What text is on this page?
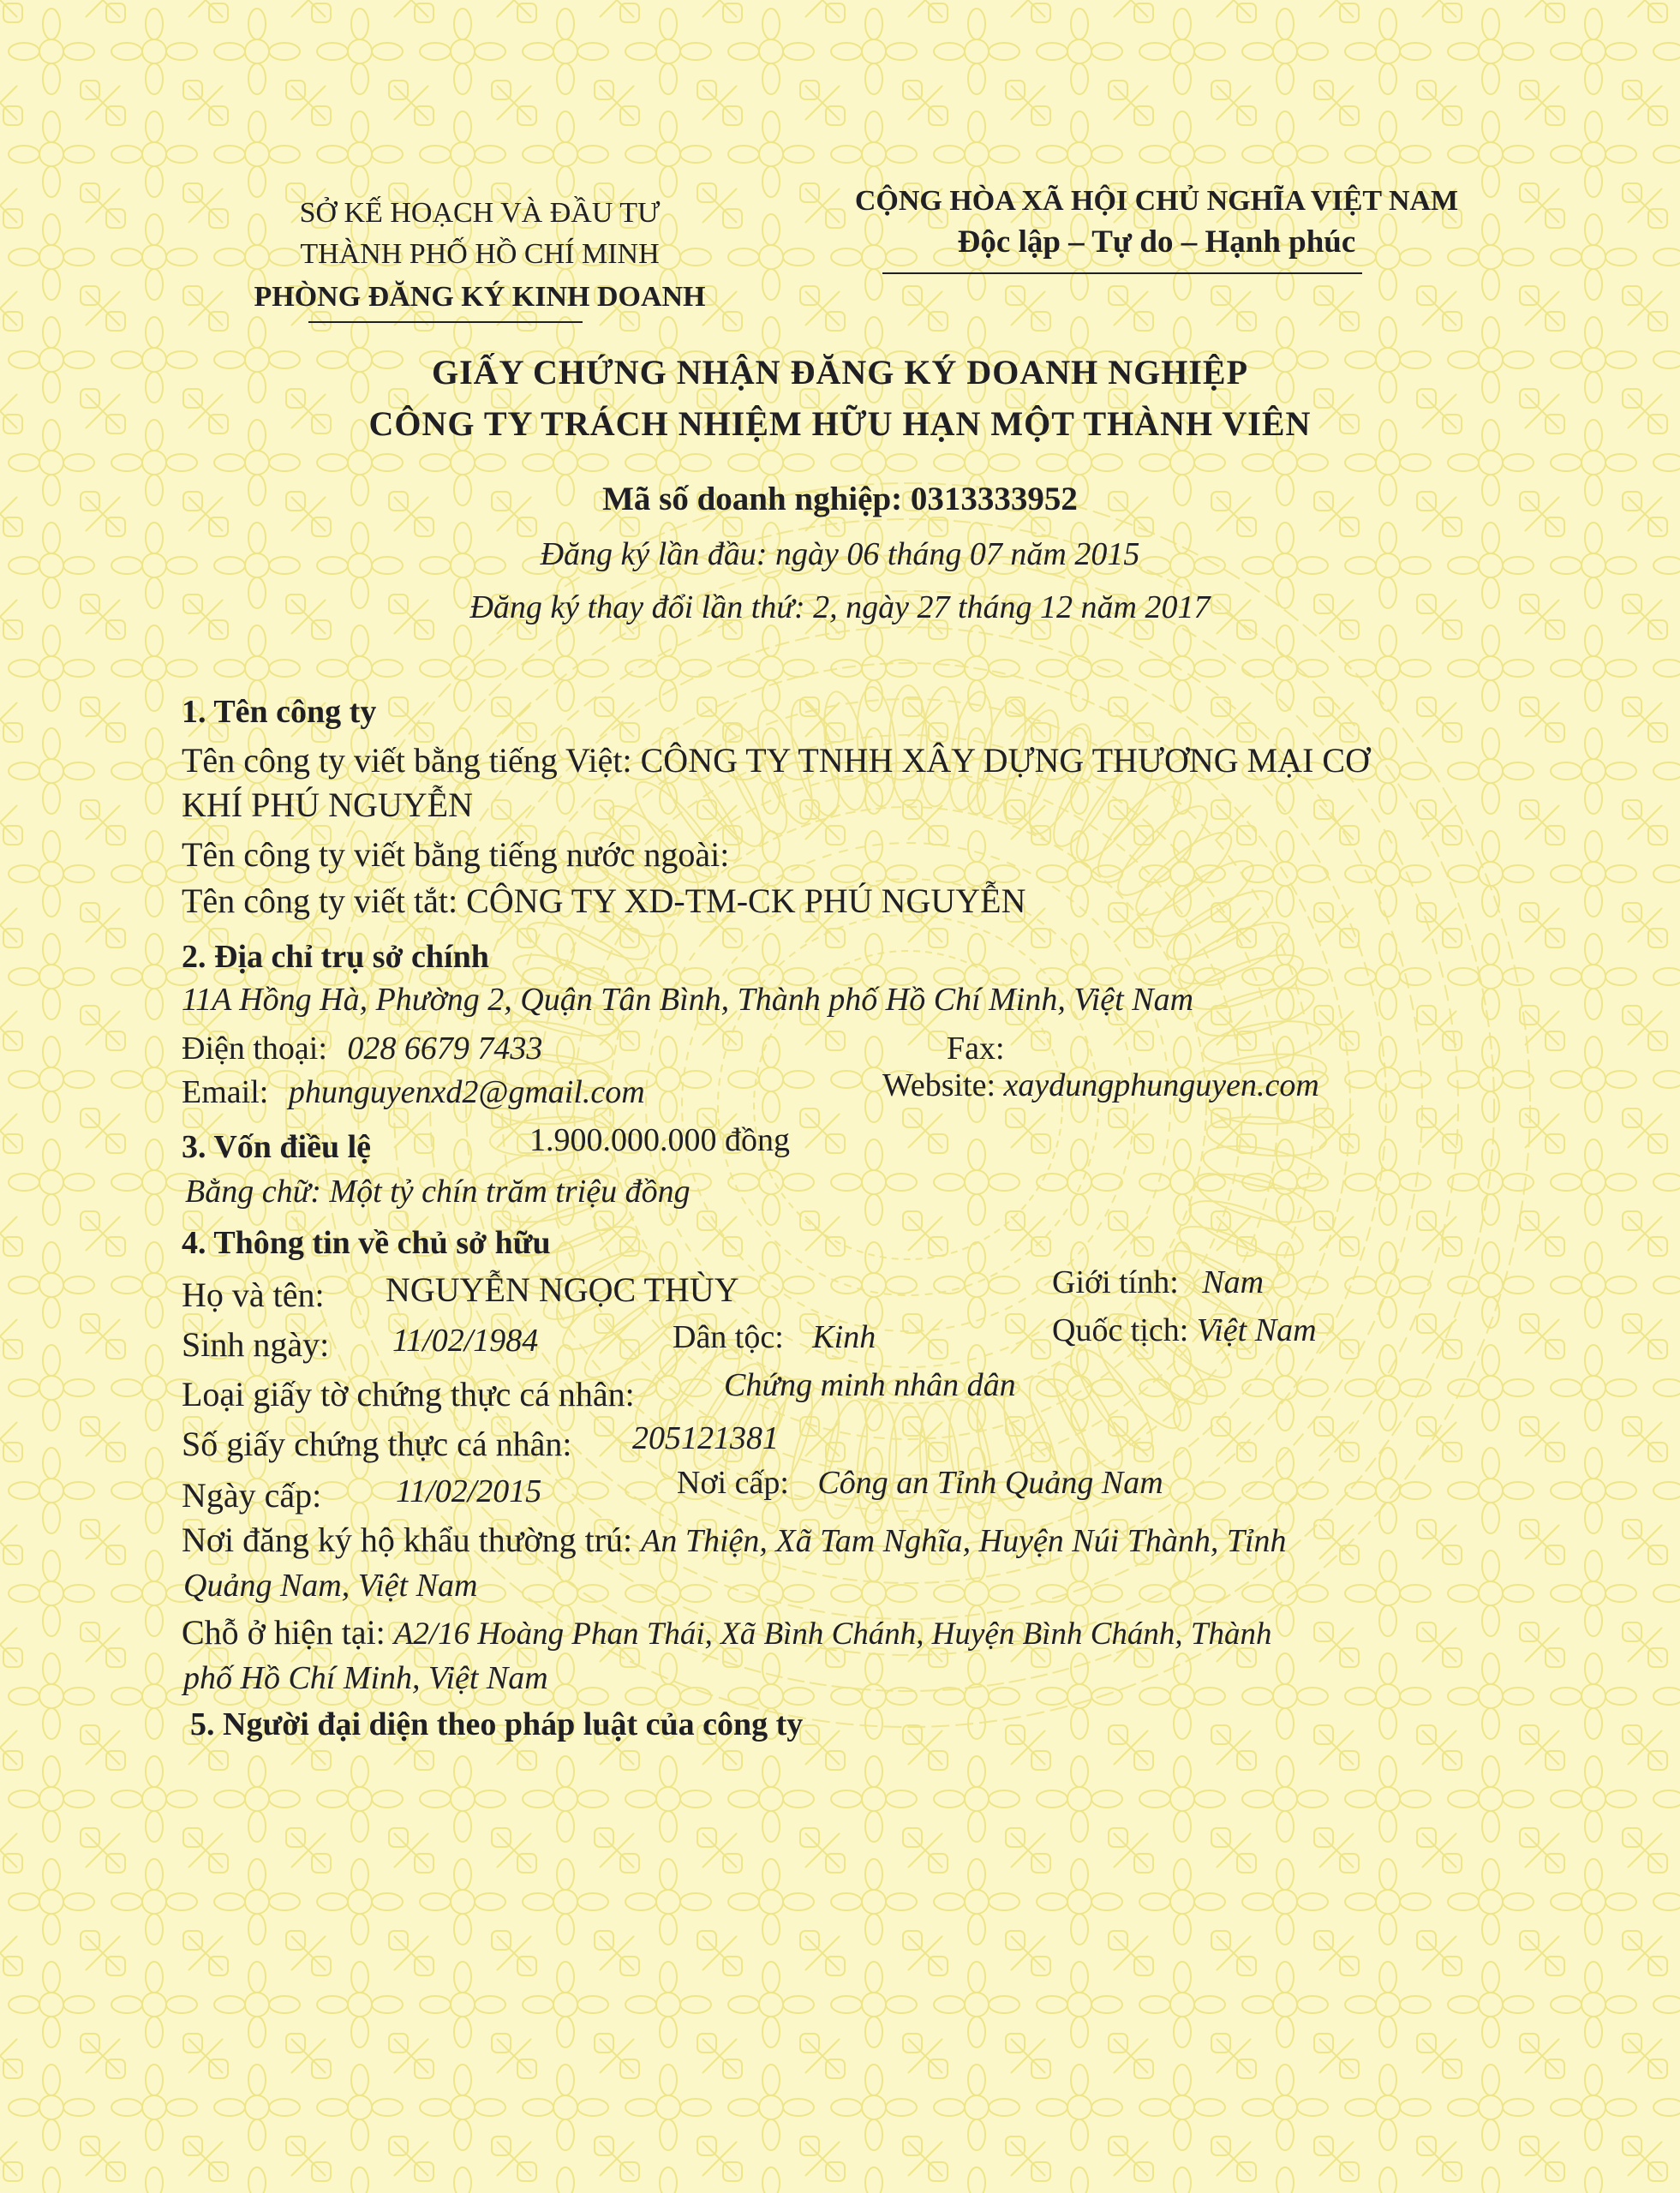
SỞ KẾ HOẠCH VÀ ĐẦU TƯ
THÀNH PHỐ HỒ CHÍ MINH
PHÒNG ĐĂNG KÝ KINH DOANH
CỘNG HÒA XÃ HỘI CHỦ NGHĨA VIỆT NAM
Độc lập – Tự do – Hạnh phúc
GIẤY CHỨNG NHẬN ĐĂNG KÝ DOANH NGHIỆP
CÔNG TY TRÁCH NHIỆM HỮU HẠN MỘT THÀNH VIÊN
Mã số doanh nghiệp: 0313333952
Đăng ký lần đầu: ngày 06 tháng 07 năm 2015
Đăng ký thay đổi lần thứ: 2, ngày 27 tháng 12 năm 2017
1. Tên công ty
Tên công ty viết bằng tiếng Việt: CÔNG TY TNHH XÂY DỰNG THƯƠNG MẠI CƠ
KHÍ PHÚ NGUYỄN
Tên công ty viết bằng tiếng nước ngoài:
Tên công ty viết tắt: CÔNG TY XD-TM-CK PHÚ NGUYỄN
2. Địa chỉ trụ sở chính
11A Hồng Hà, Phường 2, Quận Tân Bình, Thành phố Hồ Chí Minh, Việt Nam
Điện thoại: 028 6679 7433	Fax:
Email: phunguyenxd2@gmail.com	Website: xaydungphunguyen.com
3. Vốn điều lệ	1.900.000.000 đồng
Bằng chữ: Một tỷ chín trăm triệu đồng
4. Thông tin về chủ sở hữu
Họ và tên: NGUYỄN NGỌC THÙY	Giới tính: Nam
Sinh ngày: 11/02/1984	Dân tộc: Kinh	Quốc tịch: Việt Nam
Loại giấy tờ chứng thực cá nhân:	Chứng minh nhân dân
Số giấy chứng thực cá nhân: 205121381
Ngày cấp: 11/02/2015	Nơi cấp: Công an Tỉnh Quảng Nam
Nơi đăng ký hộ khẩu thường trú: An Thiện, Xã Tam Nghĩa, Huyện Núi Thành, Tỉnh
Quảng Nam, Việt Nam
Chỗ ở hiện tại: A2/16 Hoàng Phan Thái, Xã Bình Chánh, Huyện Bình Chánh, Thành
phố Hồ Chí Minh, Việt Nam
5. Người đại diện theo pháp luật của công ty
